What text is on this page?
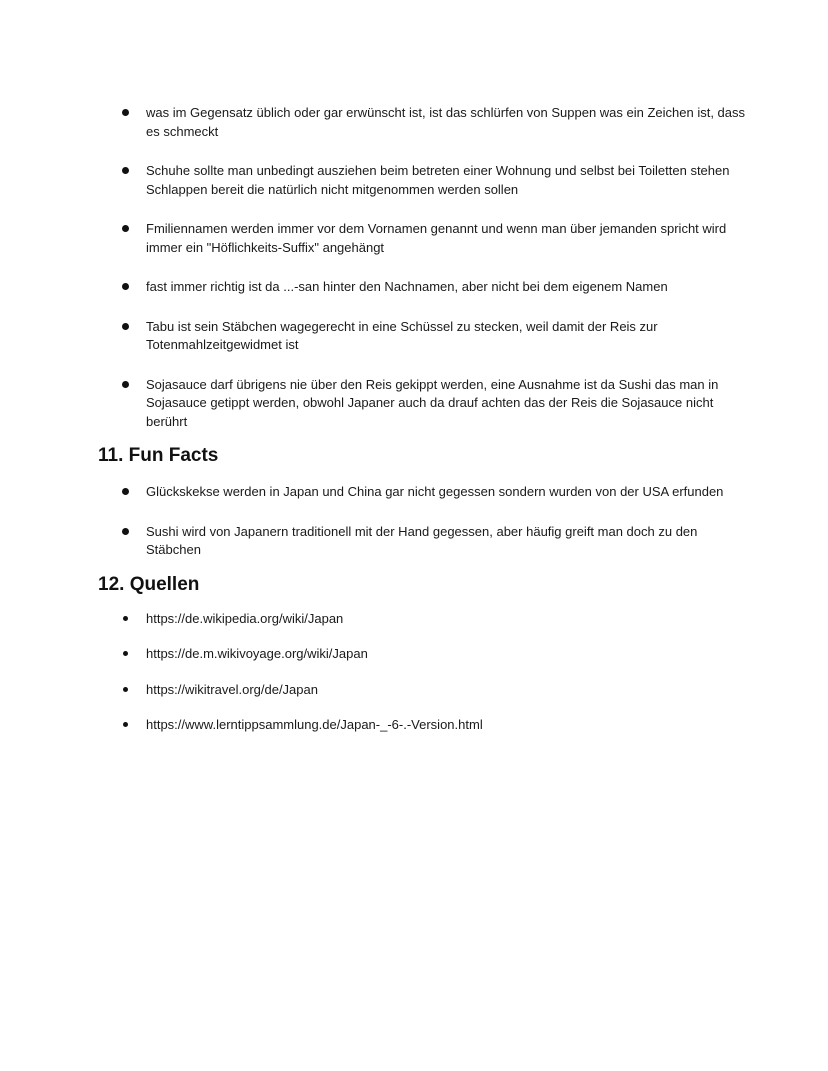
was im Gegensatz üblich oder gar erwünscht ist, ist das schlürfen von Suppen was ein Zeichen ist, dass es schmeckt
Schuhe sollte man unbedingt ausziehen beim betreten einer Wohnung und selbst bei Toiletten stehen Schlappen bereit die natürlich nicht mitgenommen werden sollen
Fmiliennamen werden immer vor dem Vornamen genannt und wenn man über jemanden spricht wird immer ein "Höflichkeits-Suffix" angehängt
fast immer richtig ist da ...-san hinter den Nachnamen, aber nicht bei dem eigenem Namen
Tabu ist sein Stäbchen wagegerecht in eine Schüssel zu stecken, weil damit der Reis zur Totenmahlzeitgewidmet ist
Sojasauce darf übrigens nie über den Reis gekippt werden, eine Ausnahme ist da Sushi das man in Sojasauce getippt werden, obwohl Japaner auch da drauf achten das der Reis die Sojasauce nicht berührt
11. Fun Facts
Glückskekse werden in Japan und China gar nicht gegessen sondern wurden von der USA erfunden
Sushi wird von Japanern traditionell mit der Hand gegessen, aber häufig greift man doch zu den Stäbchen
12. Quellen
https://de.wikipedia.org/wiki/Japan
https://de.m.wikivoyage.org/wiki/Japan
https://wikitravel.org/de/Japan
https://www.lerntippsammlung.de/Japan-_-6-.-Version.html
